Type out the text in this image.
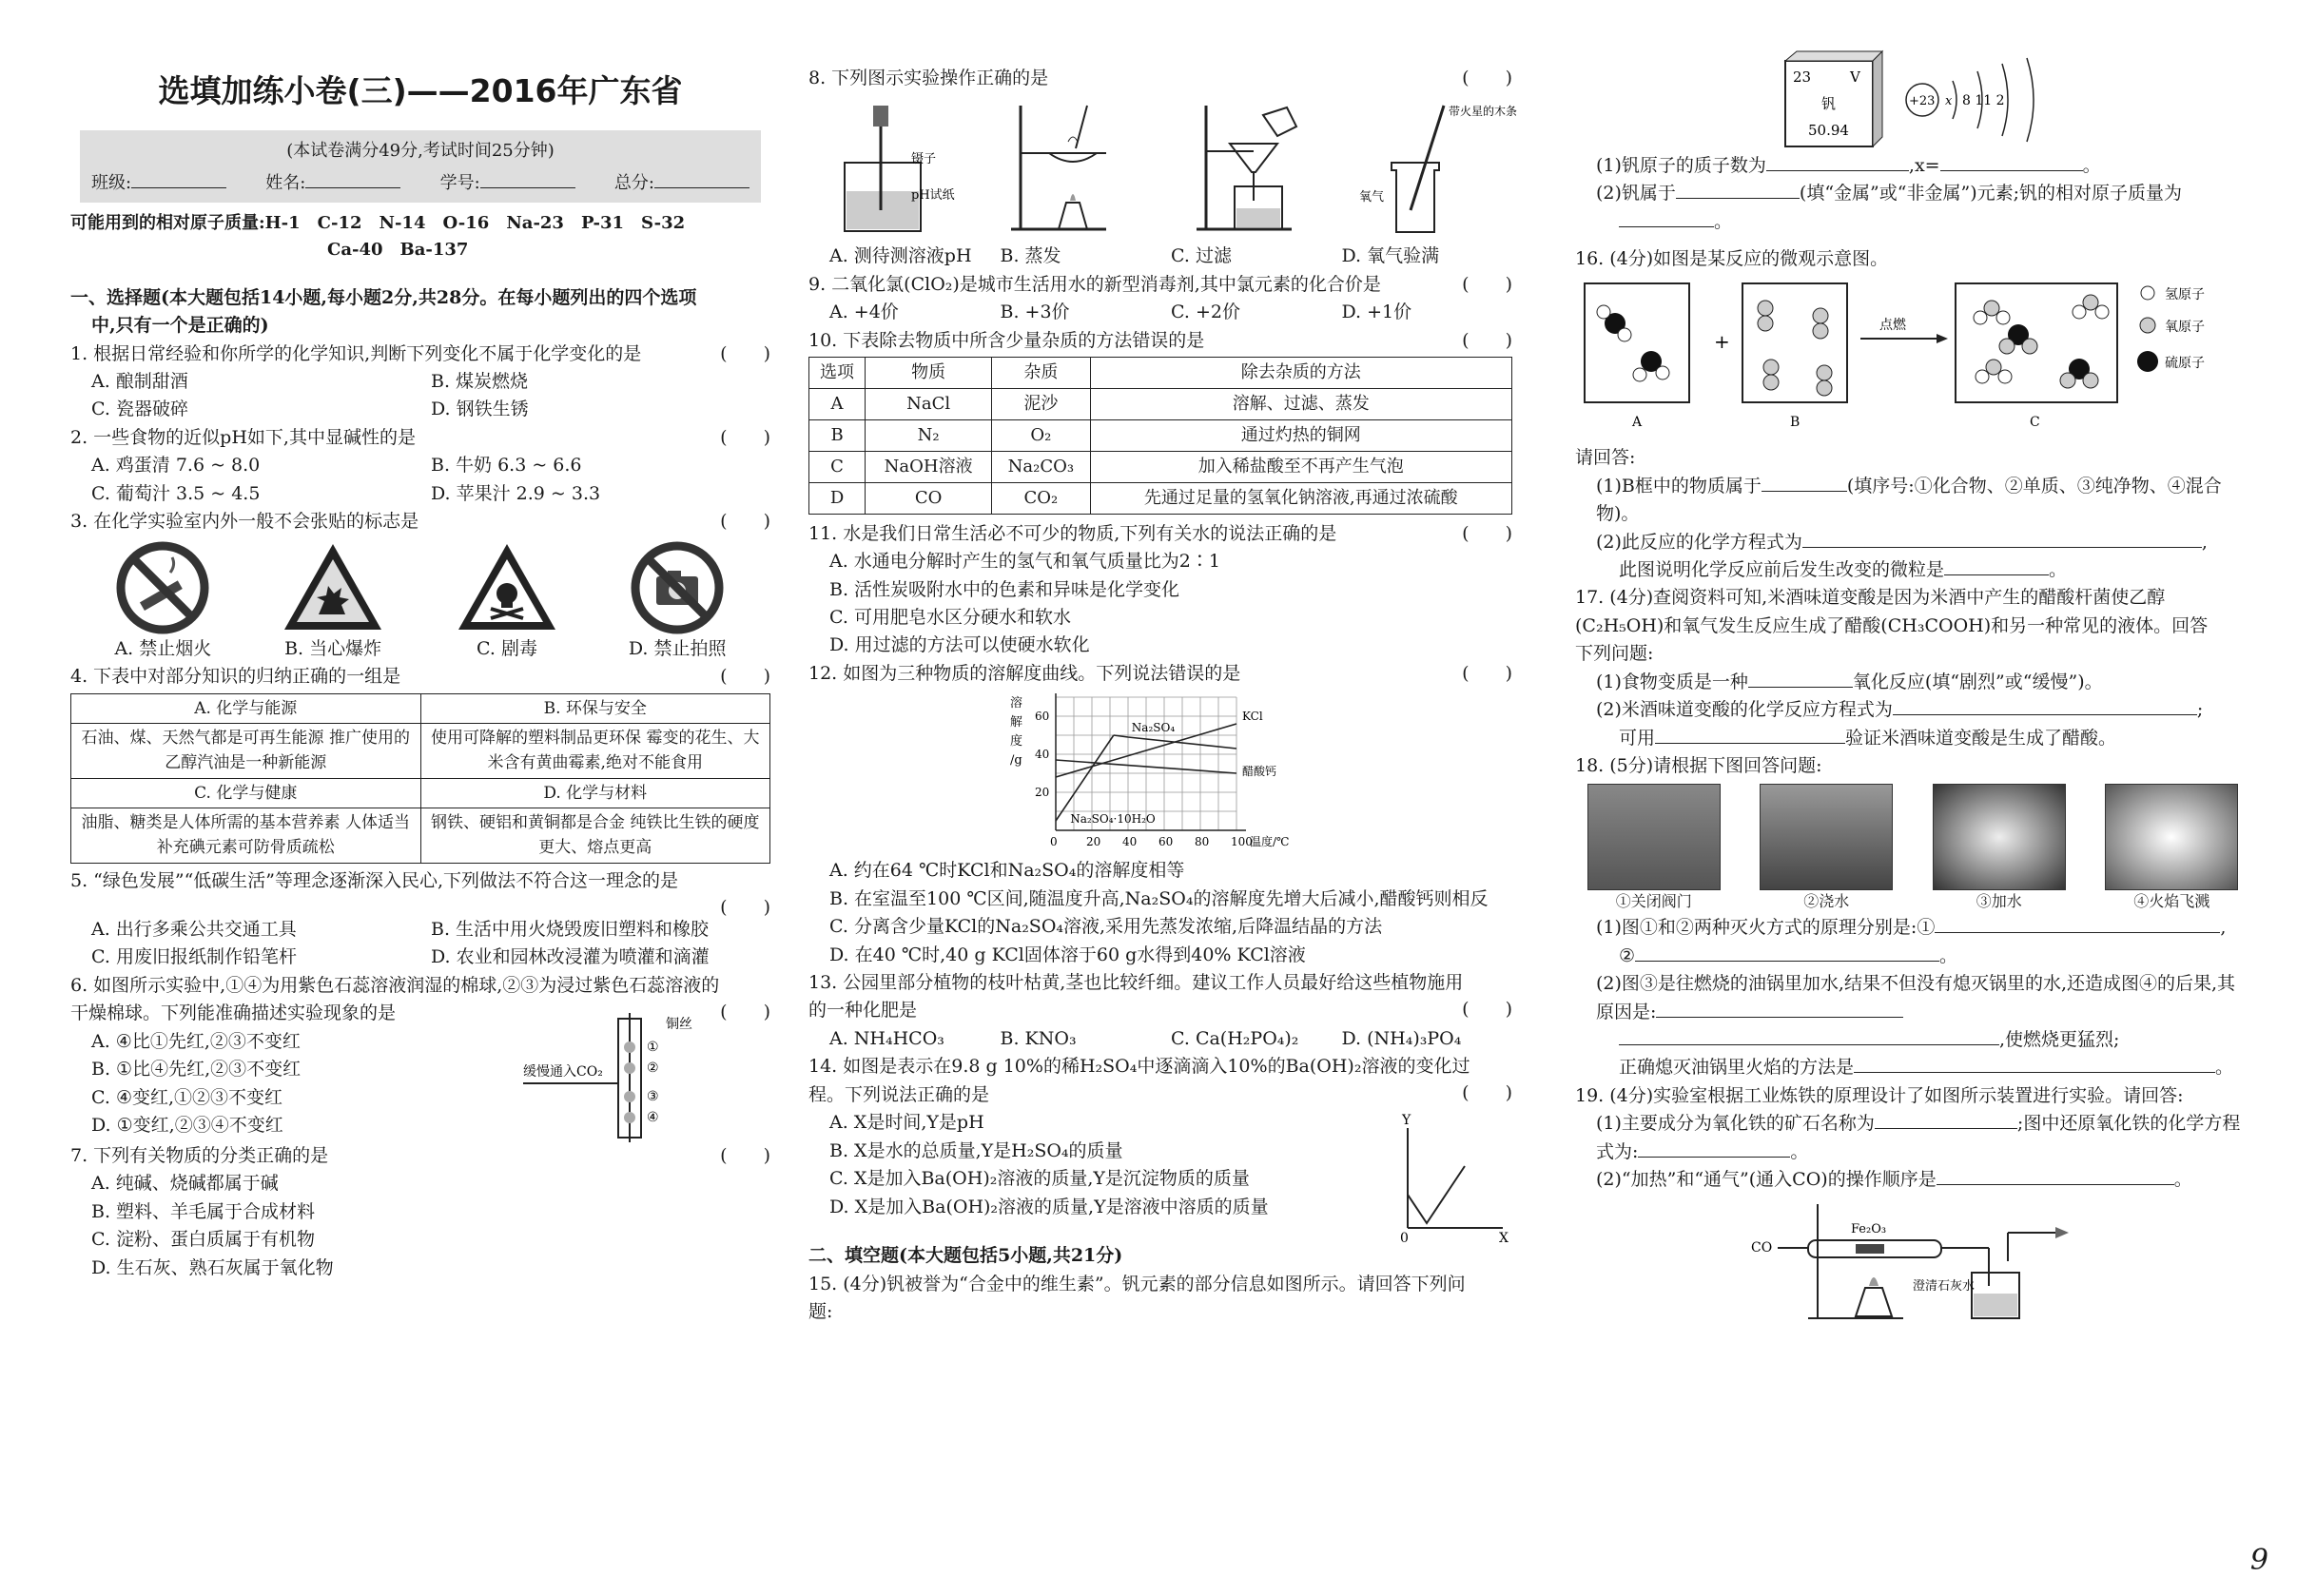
选填加练小卷(三)——2016年广东省
(本试卷满分49分,考试时间25分钟)
班级:	姓名:	学号:	总分:
可能用到的相对原子质量:H-1　C-12　N-14　O-16　Na-23　P-31　S-32
Ca-40　Ba-137
一、选择题(本大题包括14小题,每小题2分,共28分。在每小题列出的四个选项
中,只有一个是正确的)
1. 根据日常经验和你所学的化学知识,判断下列变化不属于化学变化的是	(　　)
A. 酿制甜酒	B. 煤炭燃烧
C. 瓷器破碎	D. 钢铁生锈
2. 一些食物的近似pH如下,其中显碱性的是	(　　)
A. 鸡蛋清 7.6 ~ 8.0	B. 牛奶 6.3 ~ 6.6
C. 葡萄汁 3.5 ~ 4.5	D. 苹果汁 2.9 ~ 3.3
3. 在化学实验室内外一般不会张贴的标志是	(　　)
A. 禁止烟火	B. 当心爆炸	C. 剧毒	D. 禁止拍照
4. 下表中对部分知识的归纳正确的一组是	(　　)
A. 化学与能源	B. 环保与安全
石油、煤、天然气都是可再生能源 推广使用的乙醇汽油是一种新能源	使用可降解的塑料制品更环保 霉变的花生、大米含有黄曲霉素,绝对不能食用
C. 化学与健康	D. 化学与材料
油脂、糖类是人体所需的基本营养素 人体适当补充碘元素可防骨质疏松	钢铁、硬铝和黄铜都是合金 纯铁比生铁的硬度更大、熔点更高
5. “绿色发展”“低碳生活”等理念逐渐深入民心,下列做法不符合这一理念的是
(　　)
A. 出行多乘公共交通工具	B. 生活中用火烧毁废旧塑料和橡胶
C. 用废旧报纸制作铅笔杆	D. 农业和园林改浸灌为喷灌和滴灌
6. 如图所示实验中,①④为用紫色石蕊溶液润湿的棉球,②③为浸过紫色石蕊溶液的干燥棉球。下列能准确描述实验现象的是	(　　)
A. ④比①先红,②③不变红
B. ①比④先红,②③不变红
C. ④变红,①②③不变红
D. ①变红,②③④不变红
缓慢通入CO₂
铜丝
①
②
③
④
7. 下列有关物质的分类正确的是	(　　)
A. 纯碱、烧碱都属于碱
B. 塑料、羊毛属于合成材料
C. 淀粉、蛋白质属于有机物
D. 生石灰、熟石灰属于氧化物
8. 下列图示实验操作正确的是	(　　)
镊子
pH试纸
带火星的木条
氧气
A. 测待测溶液pH	B. 蒸发	C. 过滤	D. 氧气验满
9. 二氧化氯(ClO₂)是城市生活用水的新型消毒剂,其中氯元素的化合价是	(　　)
A. +4价	B. +3价	C. +2价	D. +1价
10. 下表除去物质中所含少量杂质的方法错误的是	(　　)
选项	物质	杂质	除去杂质的方法
A	NaCl	泥沙	溶解、过滤、蒸发
B	N₂	O₂	通过灼热的铜网
C	NaOH溶液	Na₂CO₃	加入稀盐酸至不再产生气泡
D	CO	CO₂	先通过足量的氢氧化钠溶液,再通过浓硫酸
11. 水是我们日常生活必不可少的物质,下列有关水的说法正确的是	(　　)
A. 水通电分解时产生的氢气和氧气质量比为2∶1
B. 活性炭吸附水中的色素和异味是化学变化
C. 可用肥皂水区分硬水和软水
D. 用过滤的方法可以使硬水软化
12. 如图为三种物质的溶解度曲线。下列说法错误的是	(　　)
0	20 40 60 80 100
20
40
60
溶
解
度
/g
温度/℃
KCl
Na₂SO₄
Na₂SO₄·10H₂O
醋酸钙
A. 约在64 ℃时KCl和Na₂SO₄的溶解度相等
B. 在室温至100 ℃区间,随温度升高,Na₂SO₄的溶解度先增大后减小,醋酸钙则相反
C. 分离含少量KCl的Na₂SO₄溶液,采用先蒸发浓缩,后降温结晶的方法
D. 在40 ℃时,40 g KCl固体溶于60 g水得到40% KCl溶液
13. 公园里部分植物的枝叶枯黄,茎也比较纤细。建议工作人员最好给这些植物施用的一种化肥是	(　　)
A. NH₄HCO₃	B. KNO₃	C. Ca(H₂PO₄)₂	D. (NH₄)₃PO₄
14. 如图是表示在9.8 g 10%的稀H₂SO₄中逐滴滴入10%的Ba(OH)₂溶液的变化过程。下列说法正确的是	(　　)
A. X是时间,Y是pH
B. X是水的总质量,Y是H₂SO₄的质量
C. X是加入Ba(OH)₂溶液的质量,Y是沉淀物质的质量
D. X是加入Ba(OH)₂溶液的质量,Y是溶液中溶质的质量
Y
X
0
二、填空题(本大题包括5小题,共21分)
15. (4分)钒被誉为“合金中的维生素”。钒元素的部分信息如图所示。请回答下列问题:
23	V
钒
50.94
+23 x 8 11 2
(1)钒原子的质子数为	,x=	。
(2)钒属于	(填“金属”或“非金属”)元素;钒的相对原子质量为
。
16. (4分)如图是某反应的微观示意图。
+
点燃
A	B	C
氢原子
氧原子
硫原子
请回答:
(1)B框中的物质属于	(填序号:①化合物、②单质、③纯净物、④混合物)。
(2)此反应的化学方程式为	,
此图说明化学反应前后发生改变的微粒是	。
17. (4分)查阅资料可知,米酒味道变酸是因为米酒中产生的醋酸杆菌使乙醇(C₂H₅OH)和氧气发生反应生成了醋酸(CH₃COOH)和另一种常见的液体。回答下列问题:
(1)食物变质是一种	氧化反应(填“剧烈”或“缓慢”)。
(2)米酒味道变酸的化学反应方程式为	;
可用	验证米酒味道变酸是生成了醋酸。
18. (5分)请根据下图回答问题:
①关闭阀门	②浇水	③加水	④火焰飞溅
(1)图①和②两种灭火方式的原理分别是:①	,
②	。
(2)图③是往燃烧的油锅里加水,结果不但没有熄灭锅里的水,还造成图④的后果,其原因是:
,使燃烧更猛烈;
正确熄灭油锅里火焰的方法是	。
19. (4分)实验室根据工业炼铁的原理设计了如图所示装置进行实验。请回答:
(1)主要成分为氧化铁的矿石名称为	;图中还原氧化铁的化学方程式为:	。
(2)“加热”和“通气”(通入CO)的操作顺序是	。
CO
Fe₂O₃
澄清石灰水
9
